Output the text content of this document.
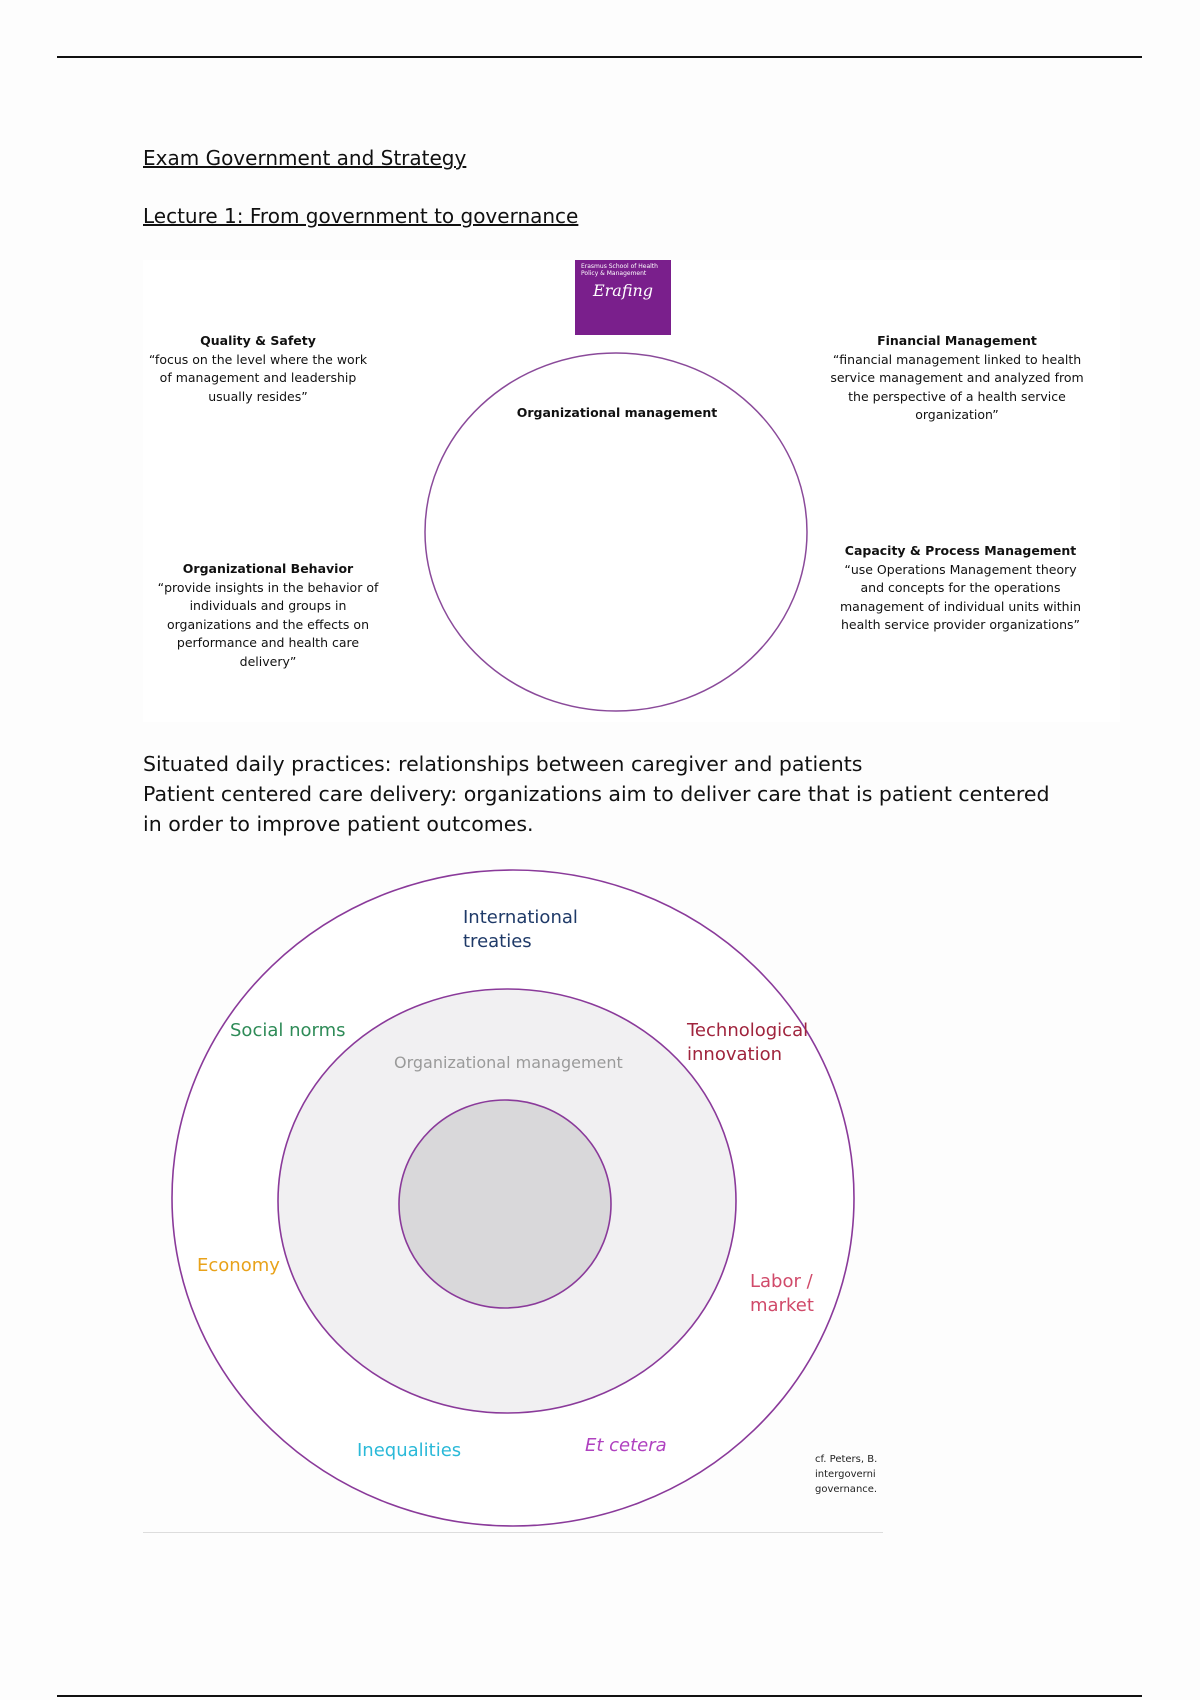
Exam Government and Strategy
Lecture 1: From government to governance
Erasmus School of Health Policy & Management
Erafing
Organizational management
Quality & Safety
“focus on the level where the work of management and leadership usually resides”
Financial Management
“financial management linked to health service management and analyzed from the perspective of a health service organization”
Organizational Behavior
“provide insights in the behavior of individuals and groups in organizations and the effects on performance and health care delivery”
Capacity & Process Management
“use Operations Management theory and concepts for the operations management of individual units within health service provider organizations”
Situated daily practices: relationships between caregiver and patients
Patient centered care delivery: organizations aim to deliver care that is patient centered in order to improve patient outcomes.
Organizational management
International treaties
Social norms	Technological innovation
Economy
Labor / market
Inequalities	Et cetera
cf. Peters, B. intergoverni governance.
